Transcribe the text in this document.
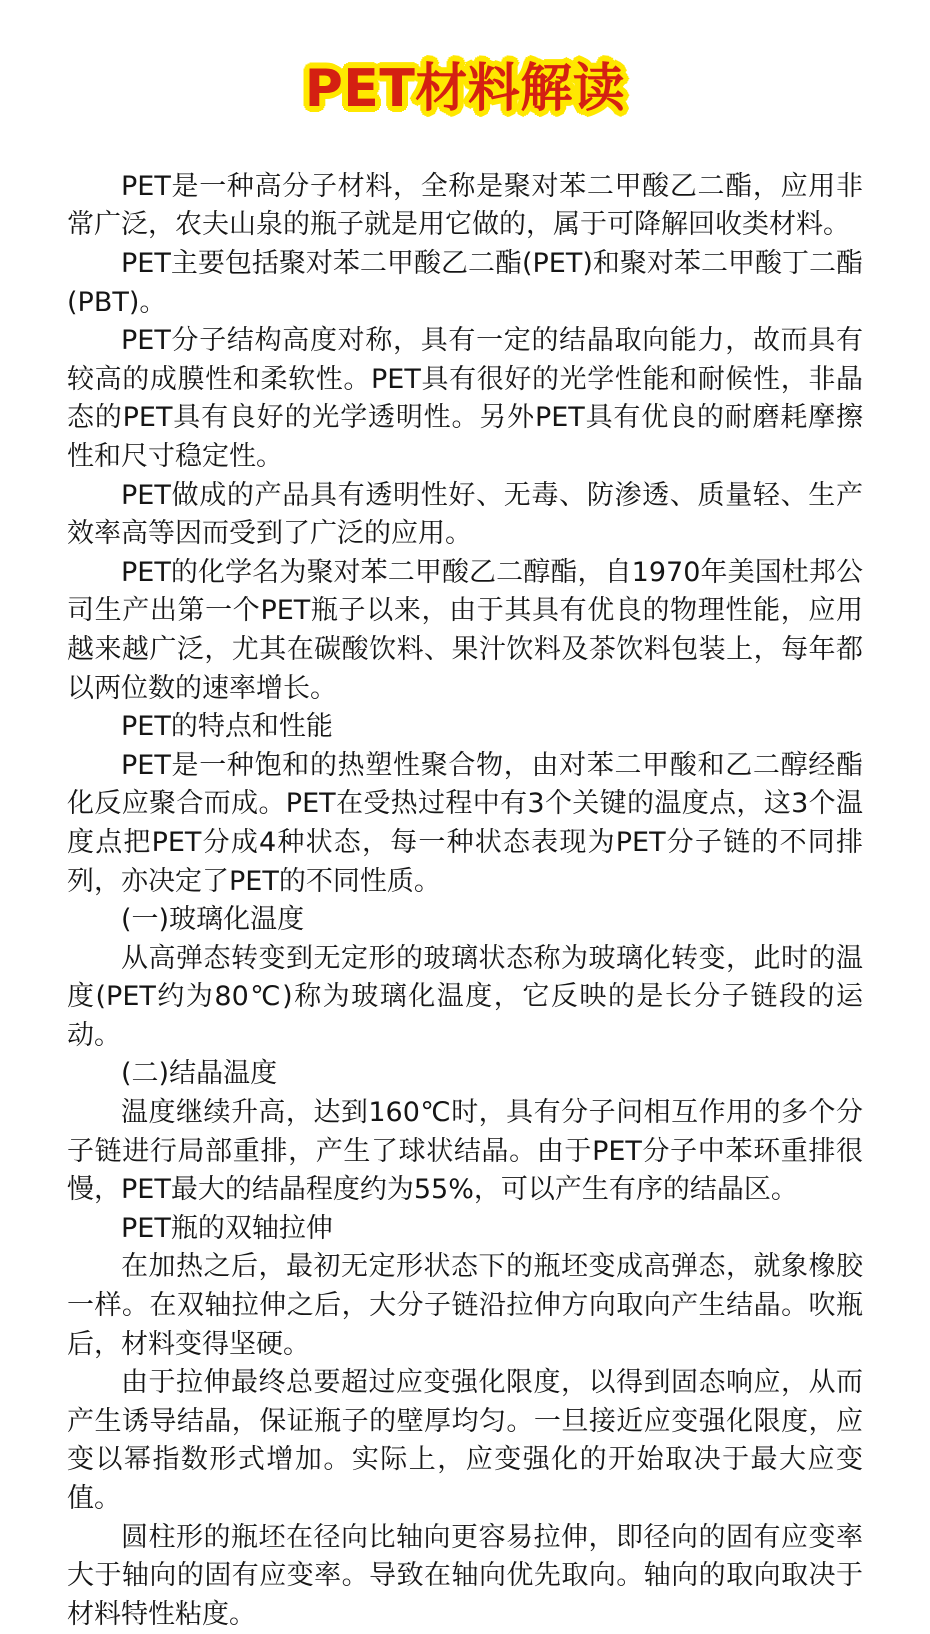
PET材料解读

PET是一种高分子材料，全称是聚对苯二甲酸乙二酯，应用非常广泛，农夫山泉的瓶子就是用它做的，属于可降解回收类材料。

PET主要包括聚对苯二甲酸乙二酯(PET)和聚对苯二甲酸丁二酯(PBT)。

PET分子结构高度对称，具有一定的结晶取向能力，故而具有较高的成膜性和柔软性。PET具有很好的光学性能和耐候性，非晶态的PET具有良好的光学透明性。另外PET具有优良的耐磨耗摩擦性和尺寸稳定性。

PET做成的产品具有透明性好、无毒、防渗透、质量轻、生产效率高等因而受到了广泛的应用。

PET的化学名为聚对苯二甲酸乙二醇酯，自1970年美国杜邦公司生产出第一个PET瓶子以来，由于其具有优良的物理性能，应用越来越广泛，尤其在碳酸饮料、果汁饮料及茶饮料包装上，每年都以两位数的速率增长。

PET的特点和性能

PET是一种饱和的热塑性聚合物，由对苯二甲酸和乙二醇经酯化反应聚合而成。PET在受热过程中有3个关键的温度点，这3个温度点把PET分成4种状态，每一种状态表现为PET分子链的不同排列，亦决定了PET的不同性质。

(一)玻璃化温度

从高弹态转变到无定形的玻璃状态称为玻璃化转变，此时的温度(PET约为80℃)称为玻璃化温度，它反映的是长分子链段的运动。

(二)结晶温度

温度继续升高，达到160℃时，具有分子问相互作用的多个分子链进行局部重排，产生了球状结晶。由于PET分子中苯环重排很慢，PET最大的结晶程度约为55%，可以产生有序的结晶区。

PET瓶的双轴拉伸

在加热之后，最初无定形状态下的瓶坯变成高弹态，就象橡胶一样。在双轴拉伸之后，大分子链沿拉伸方向取向产生结晶。吹瓶后，材料变得坚硬。

由于拉伸最终总要超过应变强化限度，以得到固态响应，从而产生诱导结晶，保证瓶子的壁厚均匀。一旦接近应变强化限度，应变以幂指数形式增加。实际上，应变强化的开始取决于最大应变值。

圆柱形的瓶坯在径向比轴向更容易拉伸，即径向的固有应变率大于轴向的固有应变率。导致在轴向优先取向。轴向的取向取决于材料特性粘度。
